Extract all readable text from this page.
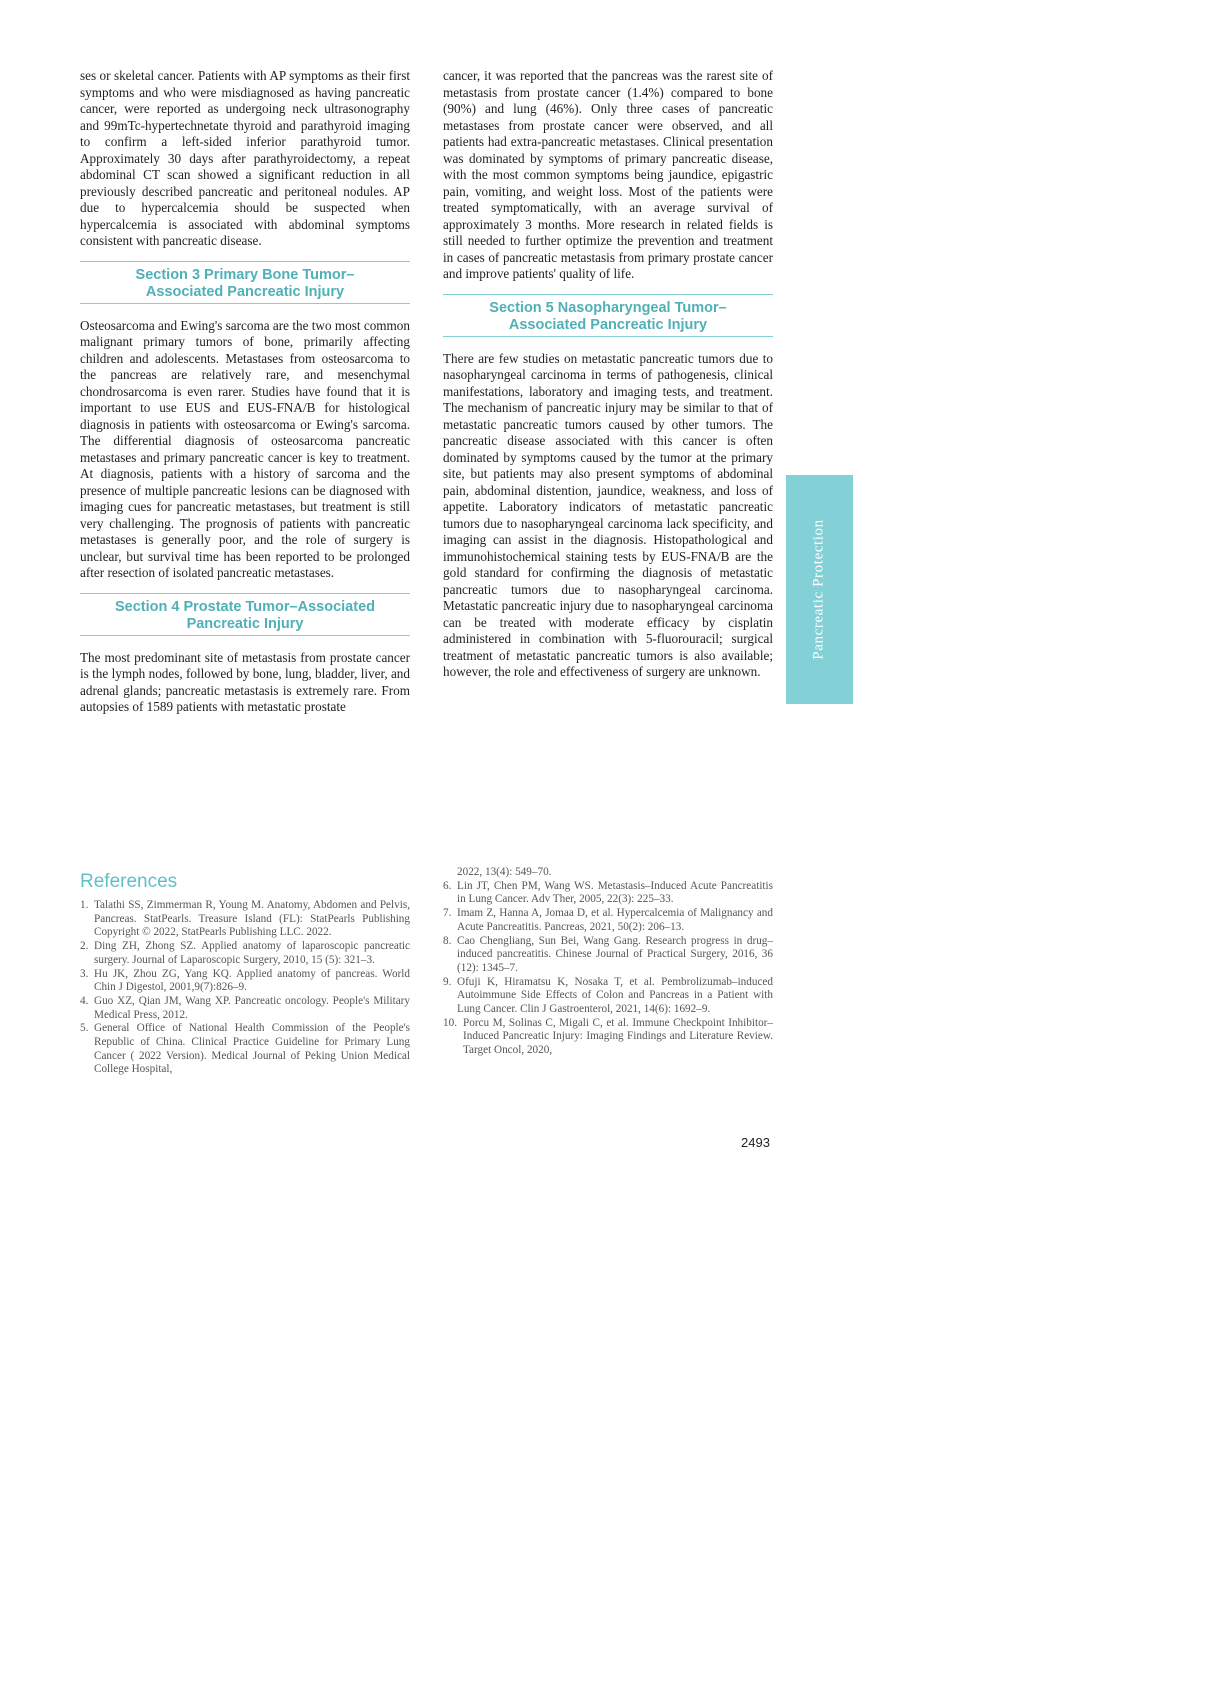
ses or skeletal cancer. Patients with AP symptoms as their first symptoms and who were misdiagnosed as having pancreatic cancer, were reported as undergoing neck ultrasonography and 99mTc-hypertechnetate thyroid and parathyroid imaging to confirm a left-sided inferior parathyroid tumor. Approximately 30 days after parathyroidectomy, a repeat abdominal CT scan showed a significant reduction in all previously described pancreatic and peritoneal nodules. AP due to hypercalcemia should be suspected when hypercalcemia is associated with abdominal symptoms consistent with pancreatic disease.

Section 3 Primary Bone Tumor–
Associated Pancreatic Injury

Osteosarcoma and Ewing's sarcoma are the two most common malignant primary tumors of bone, primarily affecting children and adolescents. Metastases from osteosarcoma to the pancreas are relatively rare, and mesenchymal chondrosarcoma is even rarer. Studies have found that it is important to use EUS and EUS-FNA/B for histological diagnosis in patients with osteosarcoma or Ewing's sarcoma. The differential diagnosis of osteosarcoma pancreatic metastases and primary pancreatic cancer is key to treatment. At diagnosis, patients with a history of sarcoma and the presence of multiple pancreatic lesions can be diagnosed with imaging cues for pancreatic metastases, but treatment is still very challenging. The prognosis of patients with pancreatic metastases is generally poor, and the role of surgery is unclear, but survival time has been reported to be prolonged after resection of isolated pancreatic metastases.

Section 4 Prostate Tumor–Associated
Pancreatic Injury

The most predominant site of metastasis from prostate cancer is the lymph nodes, followed by bone, lung, bladder, liver, and adrenal glands; pancreatic metastasis is extremely rare. From autopsies of 1589 patients with metastatic prostate

cancer, it was reported that the pancreas was the rarest site of metastasis from prostate cancer (1.4%) compared to bone (90%) and lung (46%). Only three cases of pancreatic metastases from prostate cancer were observed, and all patients had extra-pancreatic metastases. Clinical presentation was dominated by symptoms of primary pancreatic disease, with the most common symptoms being jaundice, epigastric pain, vomiting, and weight loss. Most of the patients were treated symptomatically, with an average survival of approximately 3 months. More research in related fields is still needed to further optimize the prevention and treatment in cases of pancreatic metastasis from primary prostate cancer and improve patients' quality of life.

Section 5 Nasopharyngeal Tumor–
Associated Pancreatic Injury

There are few studies on metastatic pancreatic tumors due to nasopharyngeal carcinoma in terms of pathogenesis, clinical manifestations, laboratory and imaging tests, and treatment. The mechanism of pancreatic injury may be similar to that of metastatic pancreatic tumors caused by other tumors. The pancreatic disease associated with this cancer is often dominated by symptoms caused by the tumor at the primary site, but patients may also present symptoms of abdominal pain, abdominal distention, jaundice, weakness, and loss of appetite. Laboratory indicators of metastatic pancreatic tumors due to nasopharyngeal carcinoma lack specificity, and imaging can assist in the diagnosis. Histopathological and immunohistochemical staining tests by EUS-FNA/B are the gold standard for confirming the diagnosis of metastatic pancreatic tumors due to nasopharyngeal carcinoma. Metastatic pancreatic injury due to nasopharyngeal carcinoma can be treated with moderate efficacy by cisplatin administered in combination with 5-fluorouracil; surgical treatment of metastatic pancreatic tumors is also available; however, the role and effectiveness of surgery are unknown.

Pancreatic Protection
References
1. Talathi SS, Zimmerman R, Young M. Anatomy, Abdomen and Pelvis, Pancreas. StatPearls. Treasure Island (FL): StatPearls Publishing Copyright © 2022, StatPearls Publishing LLC. 2022.
2. Ding ZH, Zhong SZ. Applied anatomy of laparoscopic pancreatic surgery. Journal of Laparoscopic Surgery, 2010, 15 (5): 321–3.
3. Hu JK, Zhou ZG, Yang KQ. Applied anatomy of pancreas. World Chin J Digestol, 2001,9(7):826–9.
4. Guo XZ, Qian JM, Wang XP. Pancreatic oncology. People's Military Medical Press, 2012.
5. General Office of National Health Commission of the People's Republic of China. Clinical Practice Guideline for Primary Lung Cancer ( 2022 Version). Medical Journal of Peking Union Medical College Hospital,
2022, 13(4): 549–70.
6. Lin JT, Chen PM, Wang WS. Metastasis–Induced Acute Pancreatitis in Lung Cancer. Adv Ther, 2005, 22(3): 225–33.
7. Imam Z, Hanna A, Jomaa D, et al. Hypercalcemia of Malignancy and Acute Pancreatitis. Pancreas, 2021, 50(2): 206–13.
8. Cao Chengliang, Sun Bei, Wang Gang. Research progress in drug–induced pancreatitis. Chinese Journal of Practical Surgery, 2016, 36 (12): 1345–7.
9. Ofuji K, Hiramatsu K, Nosaka T, et al. Pembrolizumab–induced Autoimmune Side Effects of Colon and Pancreas in a Patient with Lung Cancer. Clin J Gastroenterol, 2021, 14(6): 1692–9.
10. Porcu M, Solinas C, Migali C, et al. Immune Checkpoint Inhibitor–Induced Pancreatic Injury: Imaging Findings and Literature Review. Target Oncol, 2020,
2493
